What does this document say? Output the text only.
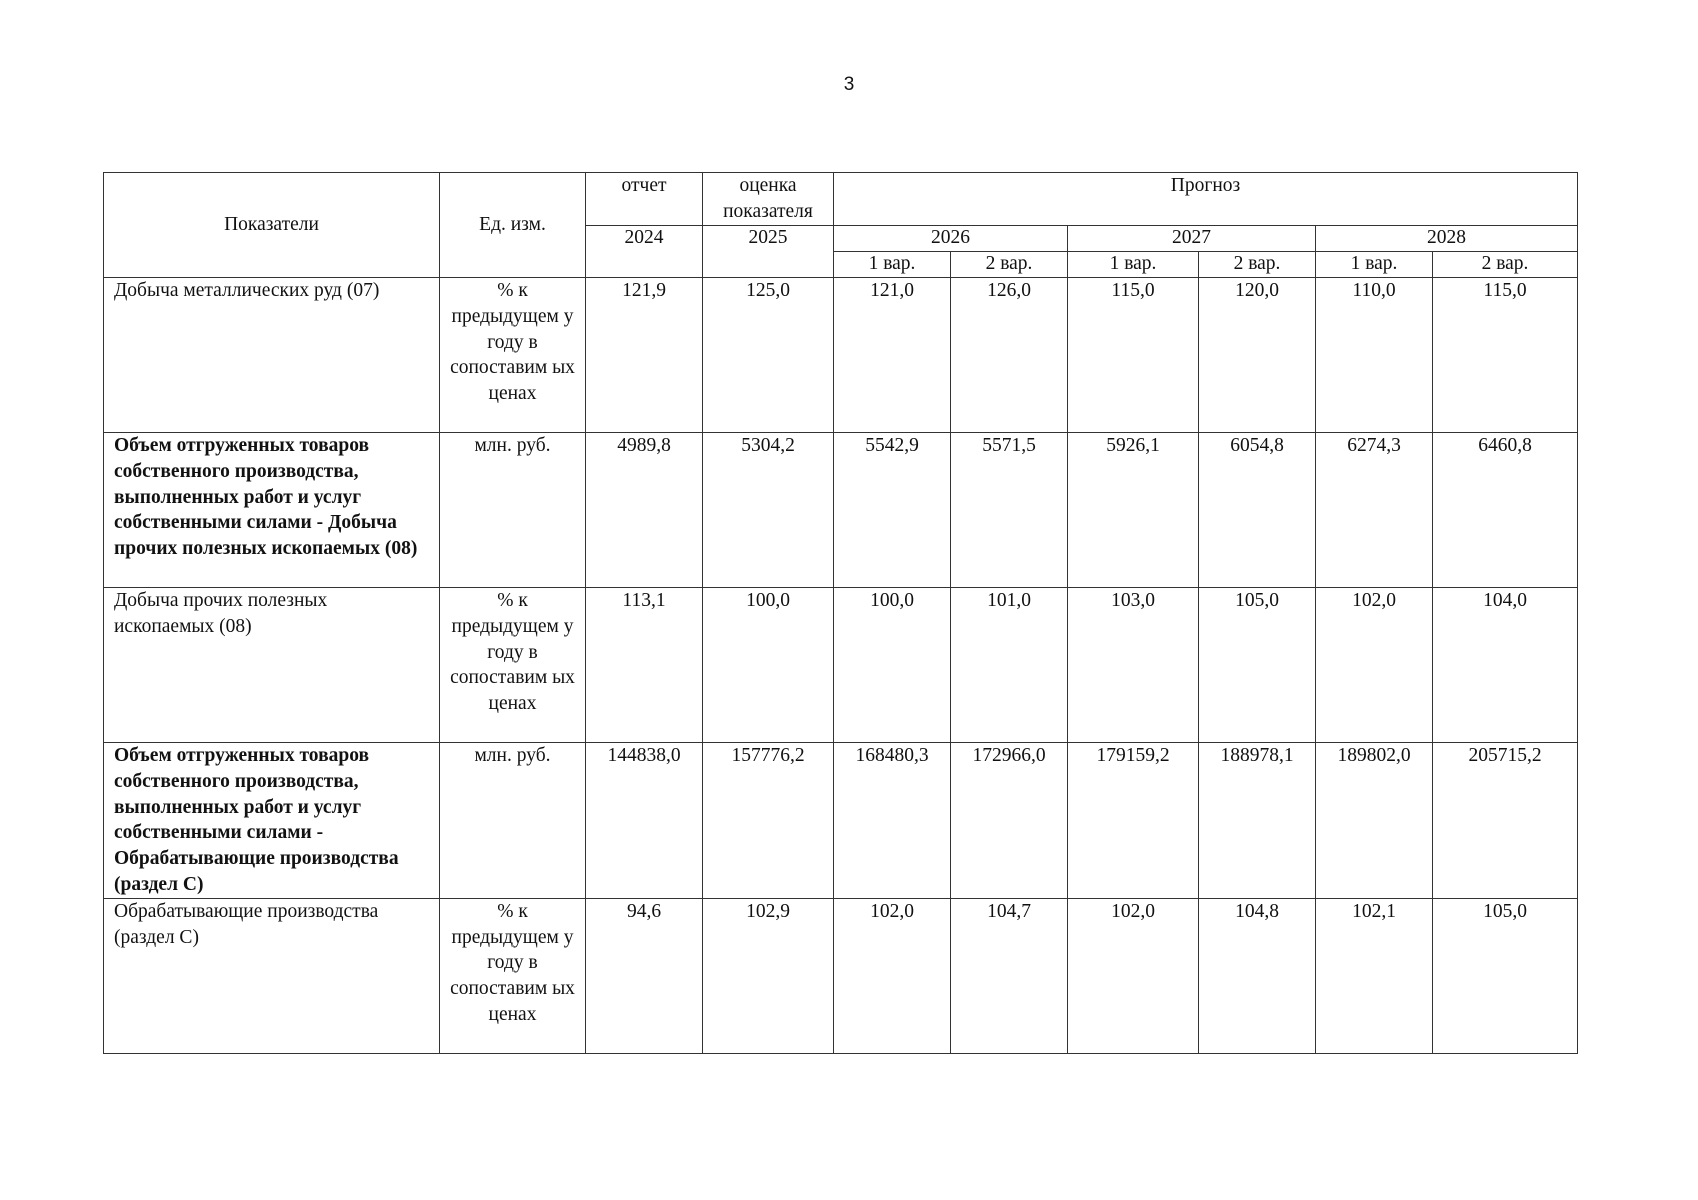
3
Показатели	Ед. изм.	отчет	оценка показателя	Прогноз					
		2024	2025	2026		2027		2028	
				1 вар.	2 вар.	1 вар.	2 вар.	1 вар.	2 вар.
Добыча металлических руд (07)	% к предыдущем у году в сопоставим ых ценах	121,9	125,0	121,0	126,0	115,0	120,0	110,0	115,0
Объем отгруженных товаров собственного производства, выполненных работ и услуг собственными силами - Добыча прочих полезных ископаемых (08)	млн. руб.	4989,8	5304,2	5542,9	5571,5	5926,1	6054,8	6274,3	6460,8
Добыча прочих полезных ископаемых (08)	% к предыдущем у году в сопоставим ых ценах	113,1	100,0	100,0	101,0	103,0	105,0	102,0	104,0
Объем отгруженных товаров собственного производства, выполненных работ и услуг собственными силами - Обрабатывающие производства (раздел C)	млн. руб.	144838,0	157776,2	168480,3	172966,0	179159,2	188978,1	189802,0	205715,2
Обрабатывающие производства (раздел C)	% к предыдущем у году в сопоставим ых ценах	94,6	102,9	102,0	104,7	102,0	104,8	102,1	105,0
